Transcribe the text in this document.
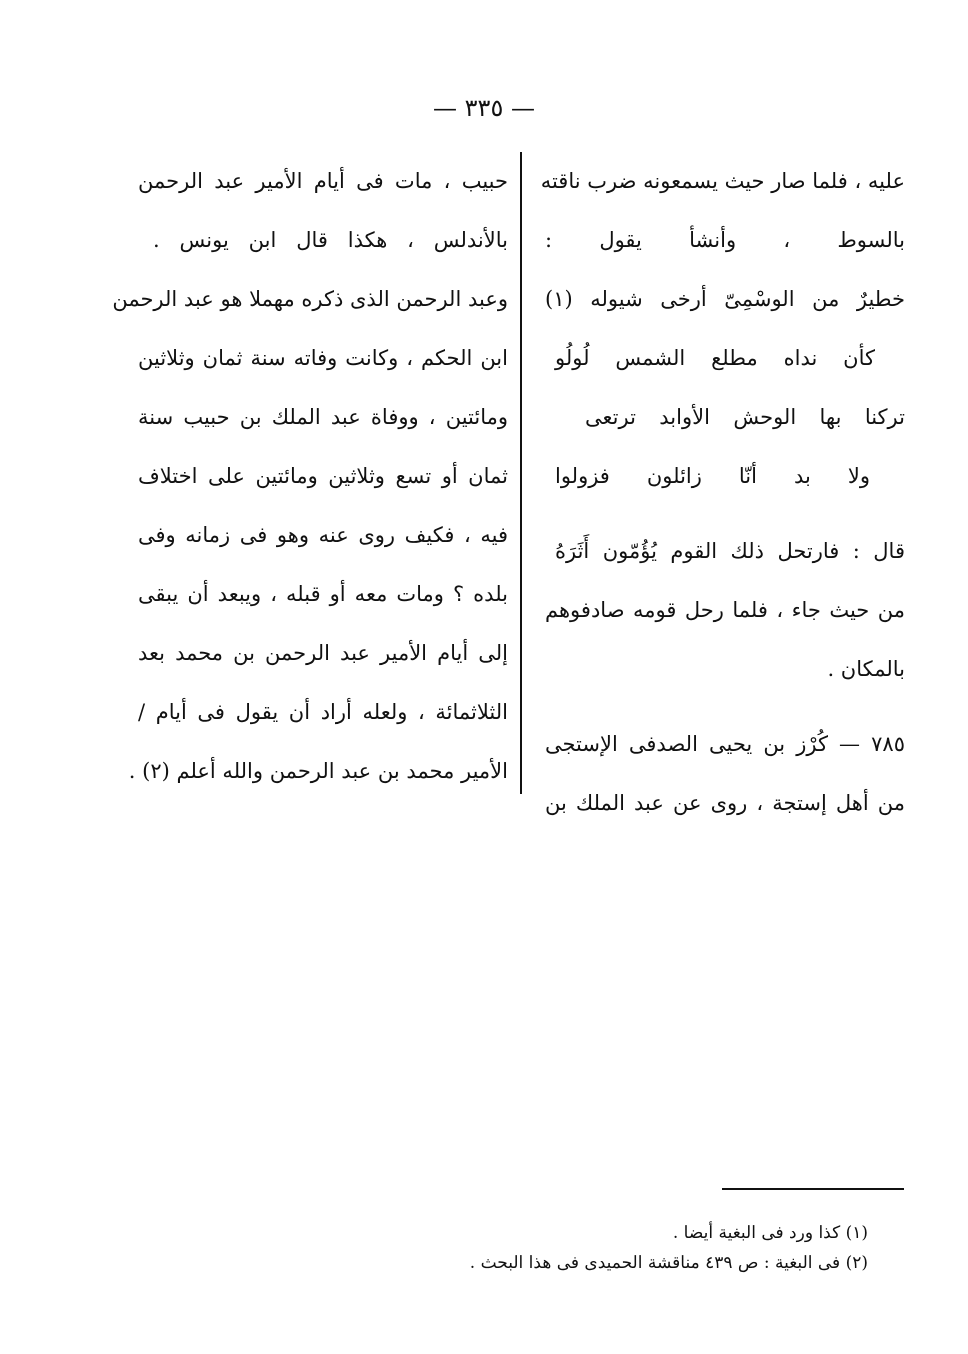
— ٣٣٥ —
عليه ، فلما صار حيث يسمعونه ضرب ناقته
بالسوط ، وأنشأ يقول :
خطيرٌ من الوسْمِىّ أرخى شيوله (١)
كأن نداه مطلع الشمس لُولُو
تركنا بها الوحش الأوابد ترتعى
ولا بد أنّا زائلون فزولوا
قال : فارتحل ذلك القوم يُؤُمّون أَثَرَهُ
من حيث جاء ، فلما رحل قومه صادفوهم
بالمكان .
٧٨٥ — كُرْز بن يحيى الصدفى الإستجى
من أهل إستجة ، روى عن عبد الملك بن
حبيب ، مات فى أيام الأمير عبد الرحمن
بالأندلس ، هكذا قال ابن يونس .
وعبد الرحمن الذى ذكره مهملا هو عبد الرحمن
ابن الحكم ، وكانت وفاته سنة ثمان وثلاثين
ومائتين ، ووفاة عبد الملك بن حبيب سنة
ثمان أو تسع وثلاثين ومائتين على اختلاف
فيه ، فكيف روى عنه وهو فى زمانه وفى
بلده ؟ ومات معه أو قبله ، ويبعد أن يبقى
إلى أيام الأمير عبد الرحمن بن محمد بعد
الثلاثمائة ، ولعله أراد أن يقول فى أيام /
الأمير محمد بن عبد الرحمن والله أعلم (٢) .
(١) كذا ورد فى البغية أيضا .
(٢) فى البغية : ص ٤٣٩ مناقشة الحميدى فى هذا البحث .
